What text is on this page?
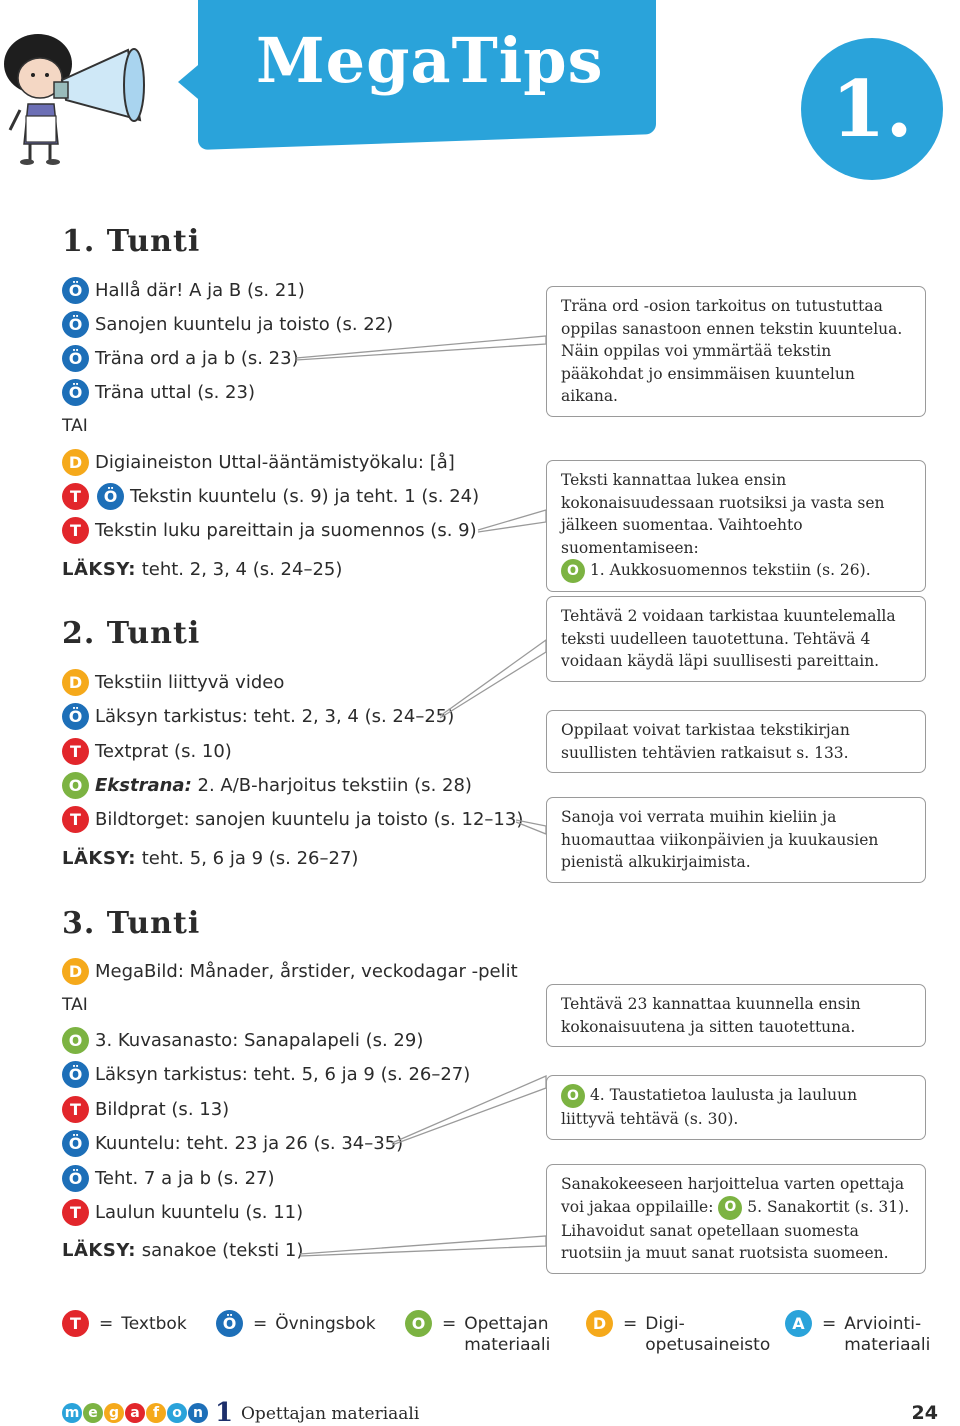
MegaTips
1.
1. Tunti
Ö Hallå där! A ja B (s. 21)
Ö Sanojen kuuntelu ja toisto (s. 22)
Ö Träna ord a ja b (s. 23)
Ö Träna uttal (s. 23)
TAI
D Digiaineiston Uttal-ääntämistyökalu: [å]
T	Ö Tekstin kuuntelu (s. 9) ja teht. 1 (s. 24)
T Tekstin luku pareittain ja suomennos (s. 9)
LÄKSY: teht. 2, 3, 4 (s. 24–25)
2. Tunti
D Tekstiin liittyvä video
Ö Läksyn tarkistus: teht. 2, 3, 4 (s. 24–25)
T Textprat (s. 10)
O Ekstrana: 2. A/B-harjoitus tekstiin (s. 28)
T Bildtorget: sanojen kuuntelu ja toisto (s. 12–13)
LÄKSY: teht. 5, 6 ja 9 (s. 26–27)
3. Tunti
D MegaBild: Månader, årstider, veckodagar -pelit
TAI
O 3. Kuvasanasto: Sanapalapeli (s. 29)
Ö Läksyn tarkistus: teht. 5, 6 ja 9 (s. 26–27)
T Bildprat (s. 13)
Ö Kuuntelu: teht. 23 ja 26 (s. 34–35)
Ö Teht. 7 a ja b (s. 27)
T Laulun kuuntelu (s. 11)
LÄKSY: sanakoe (teksti 1)
Träna ord -osion tarkoitus on tutustuttaa oppilas sanastoon ennen tekstin kuuntelua. Näin oppilas voi ymmärtää tekstin pääkohdat jo ensimmäisen kuuntelun aikana.
Teksti kannattaa lukea ensin kokonaisuudessaan ruotsiksi ja vasta sen jälkeen suomentaa. Vaihtoehto suomentamiseen:
O 1. Aukkosuomennos tekstiin (s. 26).
Tehtävä 2 voidaan tarkistaa kuuntelemalla teksti uudelleen tauotettuna. Tehtävä 4 voidaan käydä läpi suullisesti pareittain.
Oppilaat voivat tarkistaa tekstikirjan suullisten tehtävien ratkaisut s. 133.
Sanoja voi verrata muihin kieliin ja huomauttaa viikonpäivien ja kuukausien pienistä alkukirjaimista.
Tehtävä 23 kannattaa kuunnella ensin kokonaisuutena ja sitten tauotettuna.
O 4. Taustatietoa laulusta ja lauluun liittyvä tehtävä (s. 30).
Sanakokeeseen harjoittelua varten opettaja voi jakaa oppilaille: O 5. Sanakortit (s. 31). Lihavoidut sanat opetellaan suomesta ruotsiin ja muut sanat ruotsista suomeen.
T	= Textbok	Ö = Övningsbok	O = Opettajan materiaali
D = Digi- opetusaineisto
A	= Arviointi- materiaali
m e g a f o n 1 Opettajan materiaali	24
